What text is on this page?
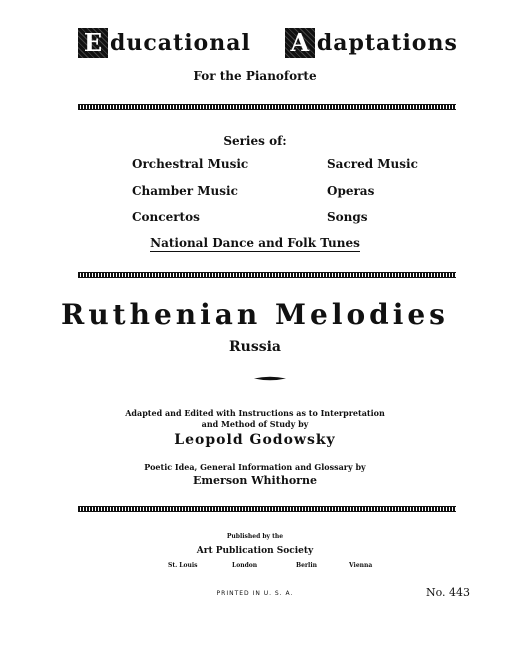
E ducational A daptations
For the Pianoforte
Series of:
Orchestral Music
Chamber Music
Concertos
Sacred Music
Operas
Songs
National Dance and Folk Tunes
Ruthenian Melodies
Russia
Adapted and Edited with Instructions as to Interpretation
and Method of Study by
Leopold Godowsky
Poetic Idea, General Information and Glossary by
Emerson Whithorne
Published by the
Art Publication Society
St. Louis	London	Berlin	Vienna
PRINTED IN U. S. A.	No. 443
